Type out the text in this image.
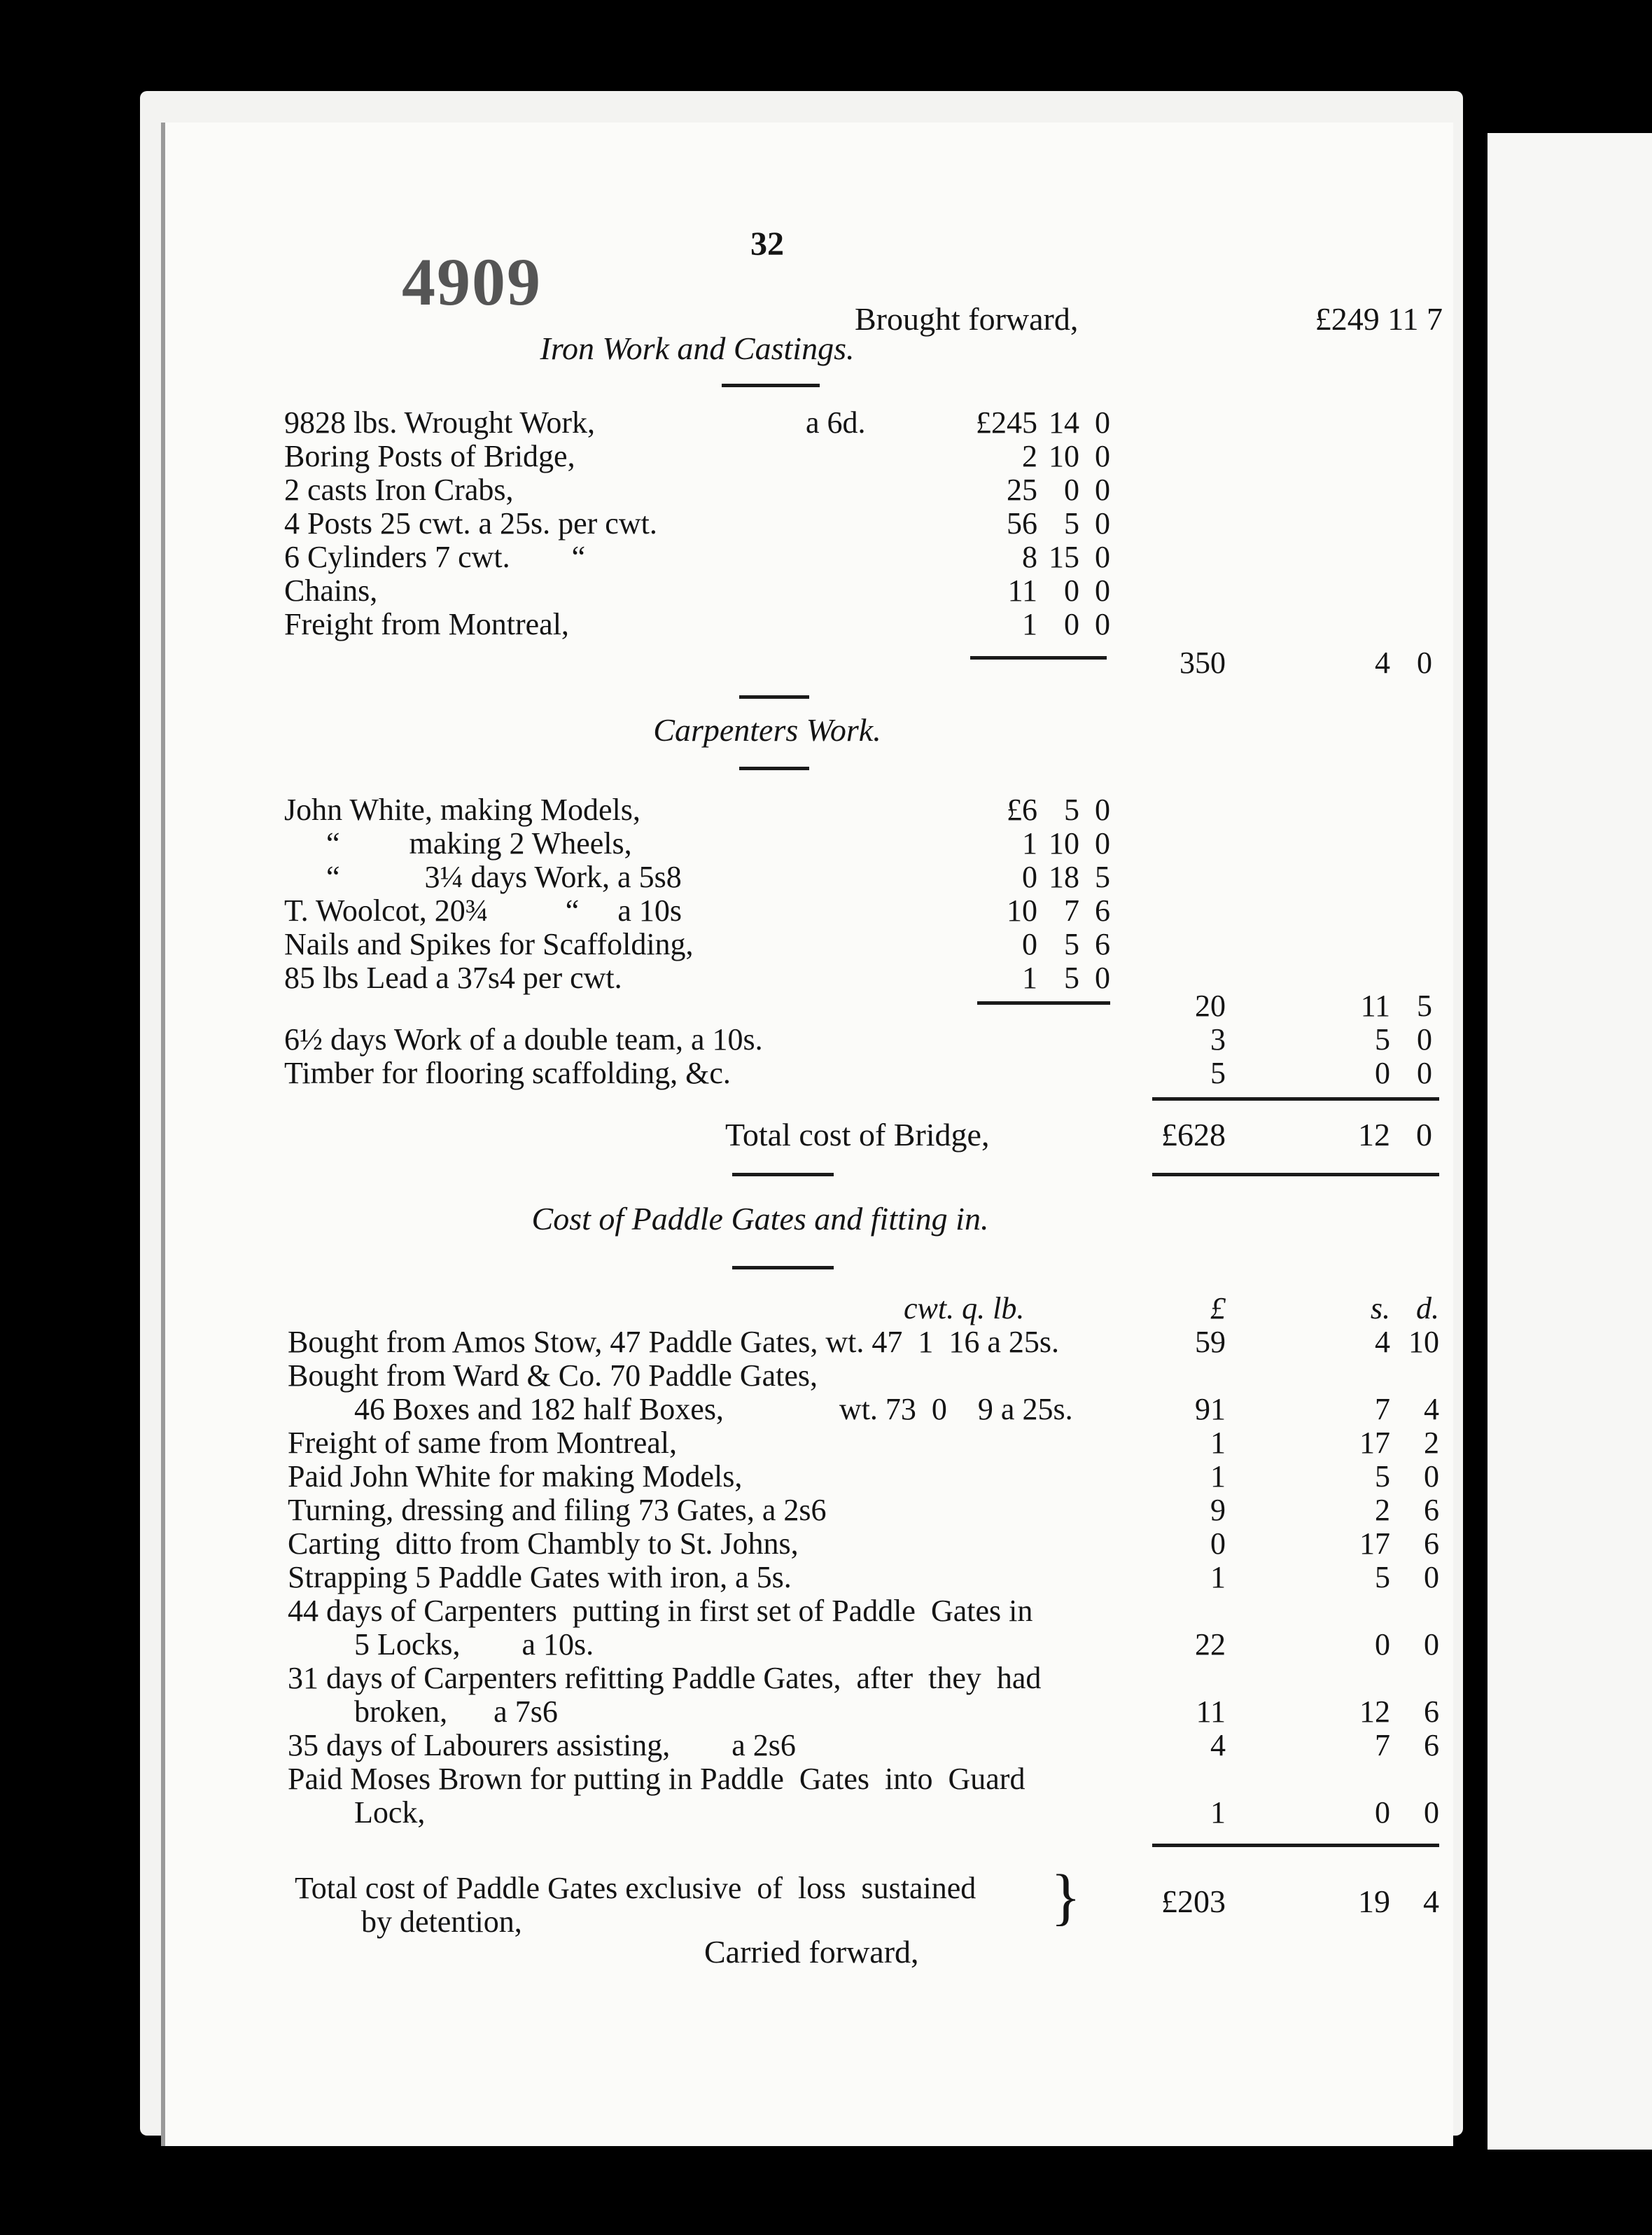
4909
32
Brought forward,	£249 11 7
Iron Work and Castings.
9828 lbs. Wrought Work,	a 6d.	£245 14 0
Boring Posts of Bridge,	2 10 0
2 casts Iron Crabs,	25 0 0
4 Posts 25 cwt. a 25s. per cwt.	56 5 0
6 Cylinders 7 cwt.        “	8 15 0
Chains,	11 0 0
Freight from Montreal,	1 0 0
350	4 0
Carpenters Work.
John White, making Models,	£6 5 0
“         making 2 Wheels,	1 10 0
“           3¼ days Work, a 5s8	0 18 5
T. Woolcot, 20¾          “     a 10s	10 7 6
Nails and Spikes for Scaffolding,	0 5 6
85 lbs Lead a 37s4 per cwt.	1 5 0
20	11 5
6½ days Work of a double team, a 10s.	3	5 0
Timber for flooring scaffolding, &c.	5	0 0
Total cost of Bridge,	£628	12 0
Cost of Paddle Gates and fitting in.
cwt. q. lb.	£	s. d.
Bought from Amos Stow, 47 Paddle Gates, wt. 47  1  16 a 25s.	59	4 10
Bought from Ward & Co. 70 Paddle Gates,
46 Boxes and 182 half Boxes,               wt. 73  0    9 a 25s.	91	7	4
Freight of same from Montreal,	1	17	2
Paid John White for making Models,	1	5	0
Turning, dressing and filing 73 Gates, a 2s6	9	2	6
Carting  ditto from Chambly to St. Johns,	0	17	6
Strapping 5 Paddle Gates with iron, a 5s.	1	5	0
44 days of Carpenters  putting in first set of Paddle  Gates in
5 Locks,        a 10s.	22	0	0
31 days of Carpenters refitting Paddle Gates,  after  they  had
broken,      a 7s6	11	12	6
35 days of Labourers assisting,        a 2s6	4	7	6
Paid Moses Brown for putting in Paddle  Gates  into  Guard
Lock,	1	0	0
Total cost of Paddle Gates exclusive  of  loss  sustained
by detention,	}	£203	19	4
Carried forward,
